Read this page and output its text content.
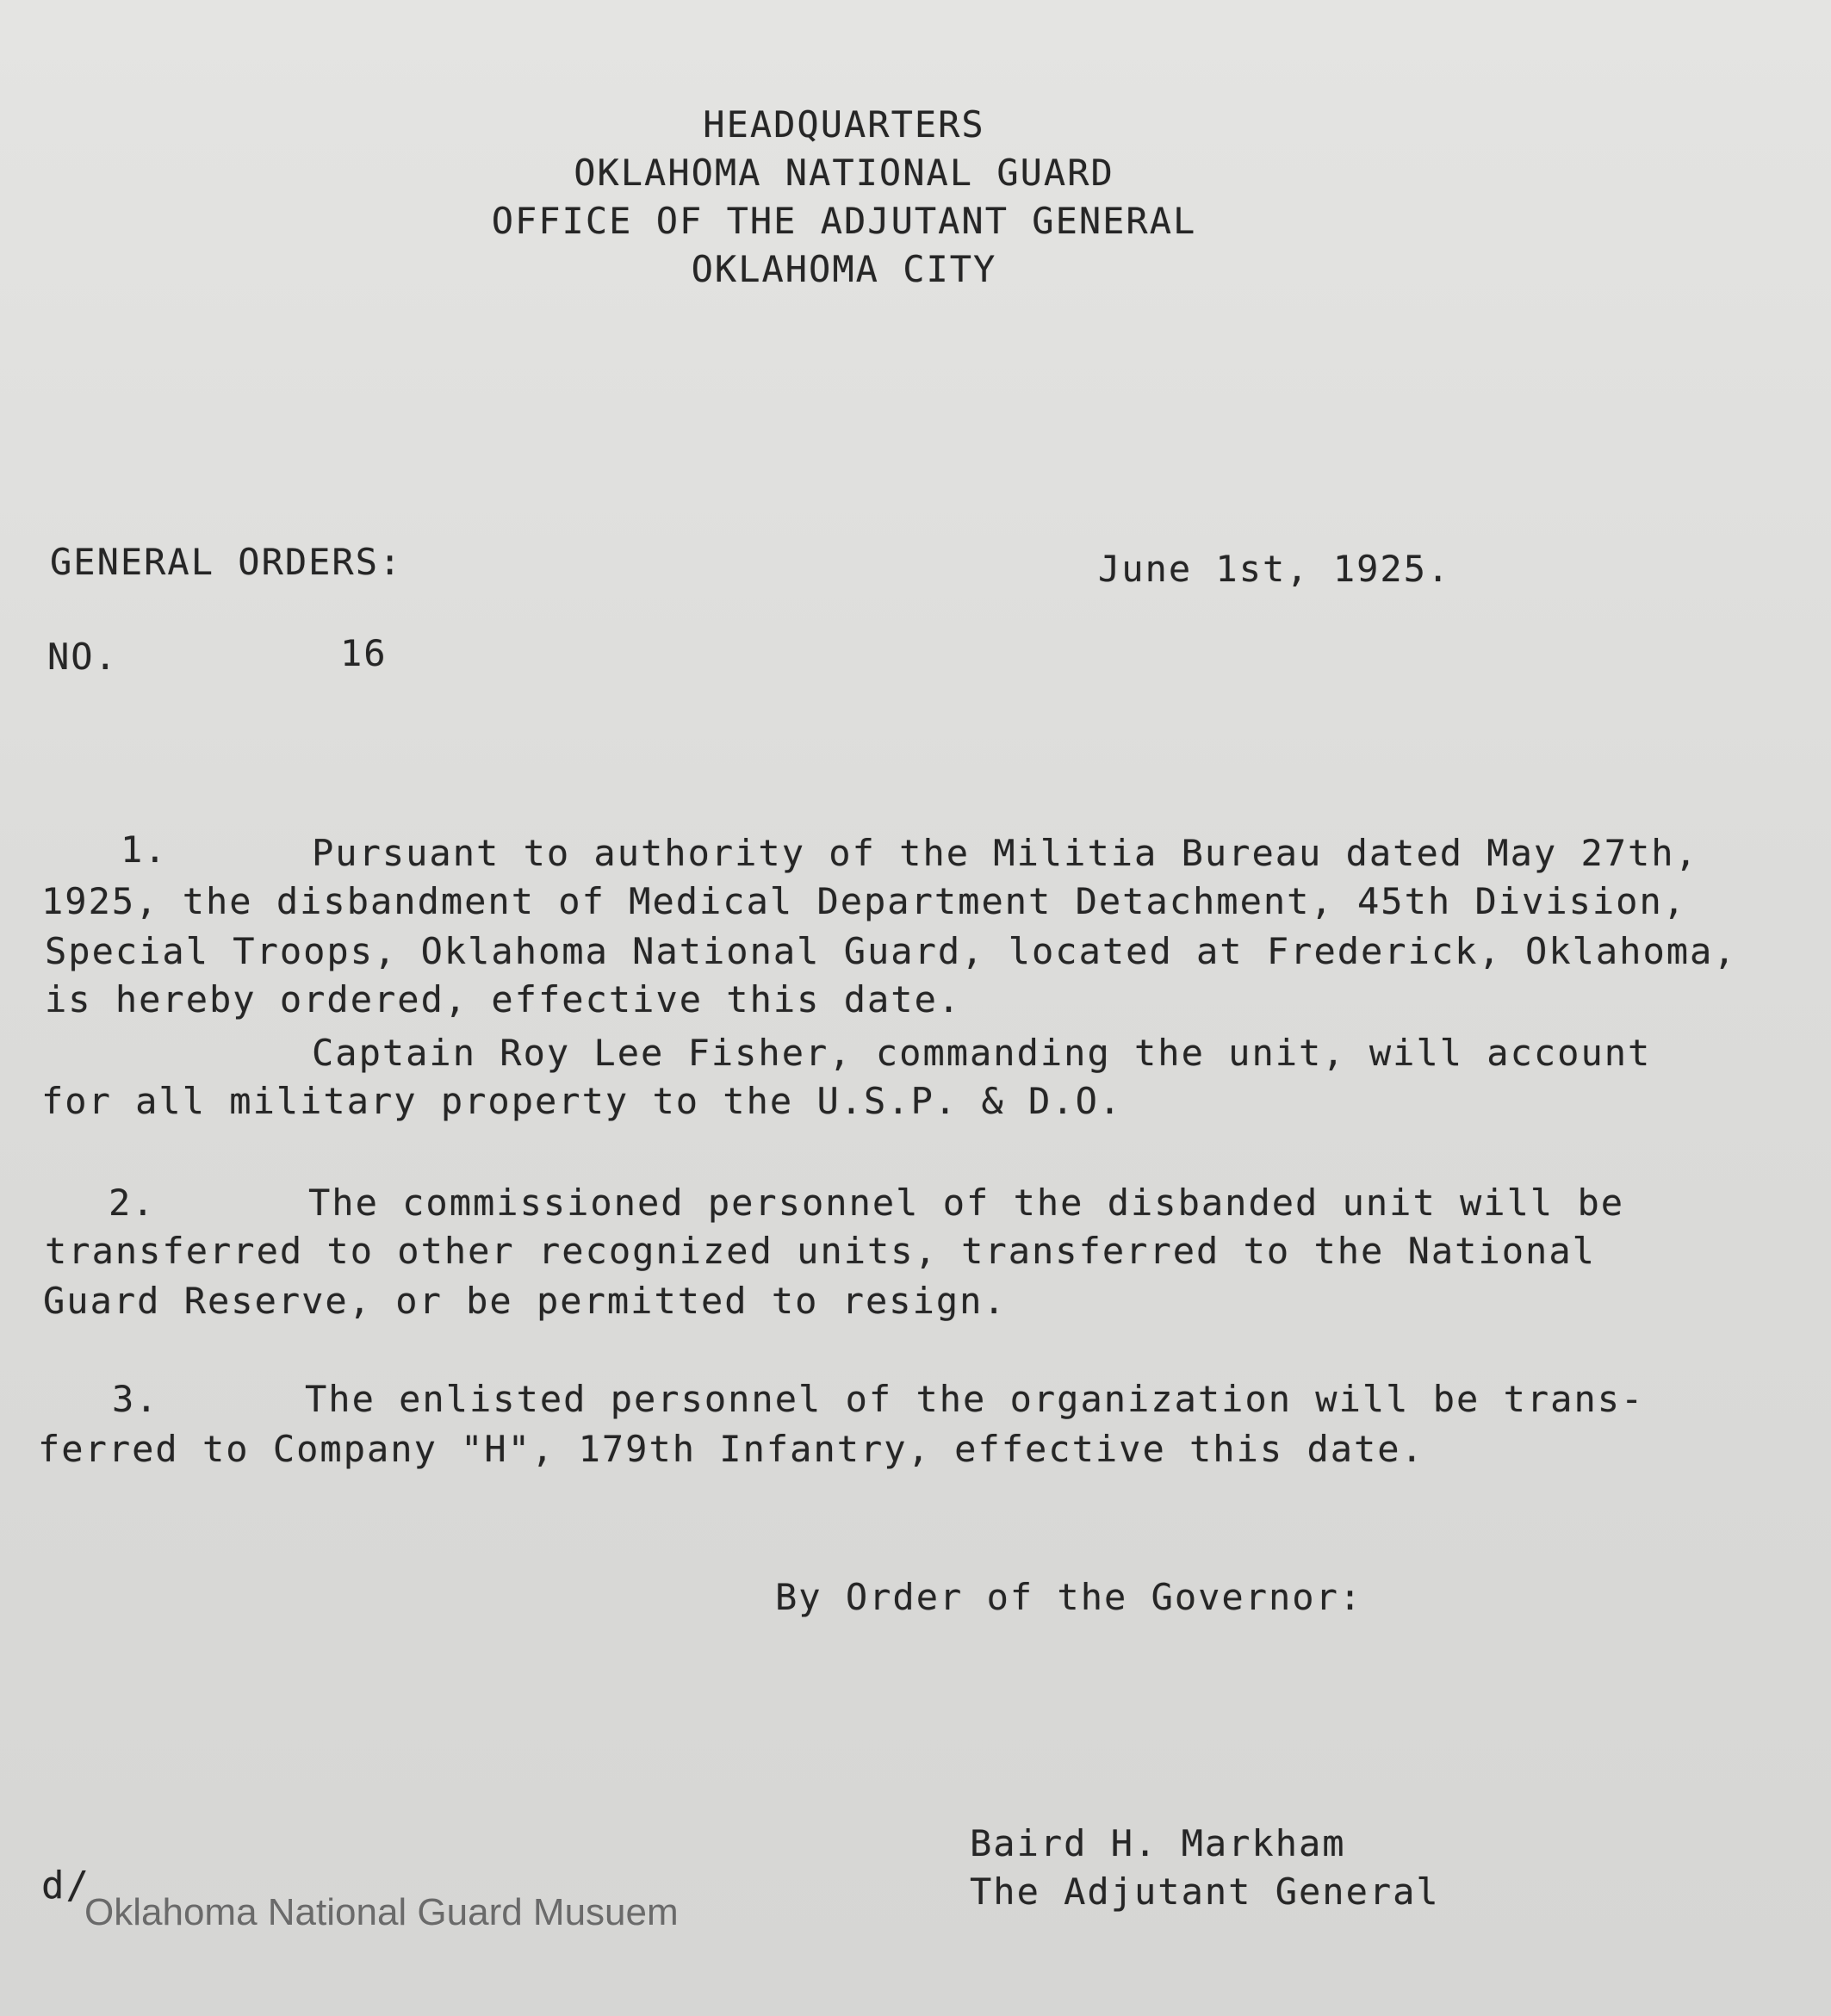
HEADQUARTERS
OKLAHOMA NATIONAL GUARD
OFFICE OF THE ADJUTANT GENERAL
OKLAHOMA CITY
GENERAL ORDERS:	June 1st, 1925.
NO.	16
1.	Pursuant to authority of the Militia Bureau dated May 27th,
1925, the disbandment of Medical Department Detachment, 45th Division,
Special Troops, Oklahoma National Guard, located at Frederick, Oklahoma,
is hereby ordered, effective this date.
Captain Roy Lee Fisher, commanding the unit, will account
for all military property to the U.S.P. & D.O.
2.	The commissioned personnel of the disbanded unit will be
transferred to other recognized units, transferred to the National
Guard Reserve, or be permitted to resign.
3.	The enlisted personnel of the organization will be trans-
ferred to Company "H", 179th Infantry, effective this date.
By Order of the Governor:
Baird H. Markham
The Adjutant General
d/
Oklahoma National Guard Musuem
